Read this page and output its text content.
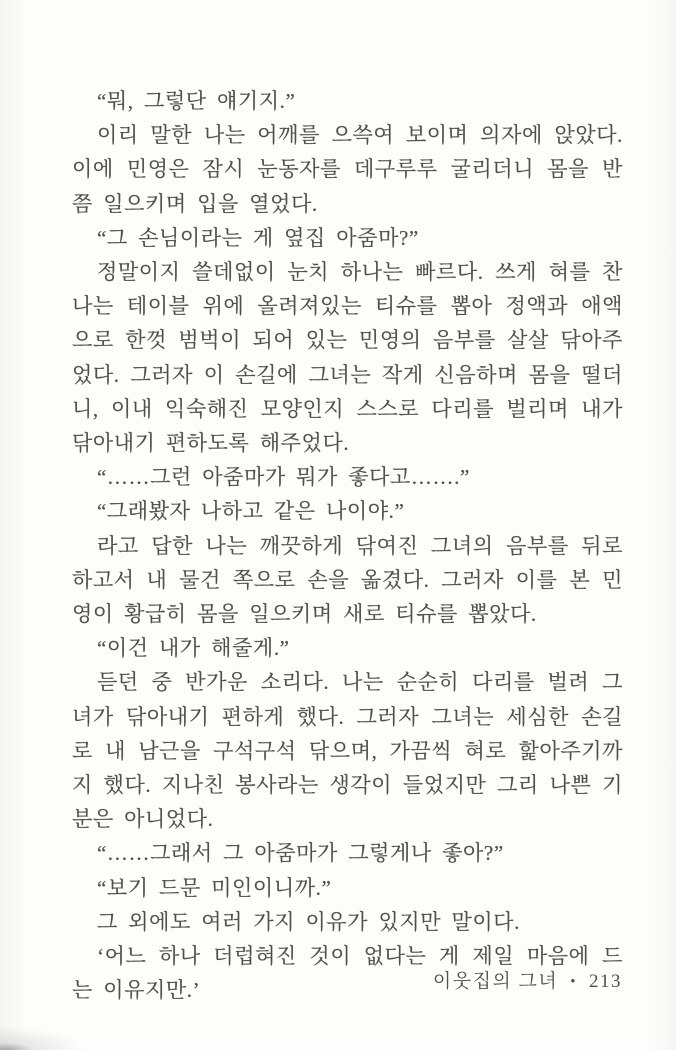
“뭐, 그렇단 얘기지.”

이리 말한 나는 어깨를 으쓱여 보이며 의자에 앉았다. 이에 민영은 잠시 눈동자를 데구루루 굴리더니 몸을 반쯤 일으키며 입을 열었다.

“그 손님이라는 게 옆집 아줌마?”

정말이지 쓸데없이 눈치 하나는 빠르다. 쓰게 혀를 찬 나는 테이블 위에 올려져있는 티슈를 뽑아 정액과 애액으로 한껏 범벅이 되어 있는 민영의 음부를 살살 닦아주었다. 그러자 이 손길에 그녀는 작게 신음하며 몸을 떨더니, 이내 익숙해진 모양인지 스스로 다리를 벌리며 내가 닦아내기 편하도록 해주었다.

“……그런 아줌마가 뭐가 좋다고…….”

“그래봤자 나하고 같은 나이야.”

라고 답한 나는 깨끗하게 닦여진 그녀의 음부를 뒤로 하고서 내 물건 쪽으로 손을 옮겼다. 그러자 이를 본 민영이 황급히 몸을 일으키며 새로 티슈를 뽑았다.

“이건 내가 해줄게.”

듣던 중 반가운 소리다. 나는 순순히 다리를 벌려 그녀가 닦아내기 편하게 했다. 그러자 그녀는 세심한 손길로 내 남근을 구석구석 닦으며, 가끔씩 혀로 핥아주기까지 했다. 지나친 봉사라는 생각이 들었지만 그리 나쁜 기분은 아니었다.

“……그래서 그 아줌마가 그렇게나 좋아?”

“보기 드문 미인이니까.”

그 외에도 여러 가지 이유가 있지만 말이다.

‘어느 하나 더럽혀진 것이 없다는 게 제일 마음에 드는 이유지만.’	이웃집의 그녀 • 213
